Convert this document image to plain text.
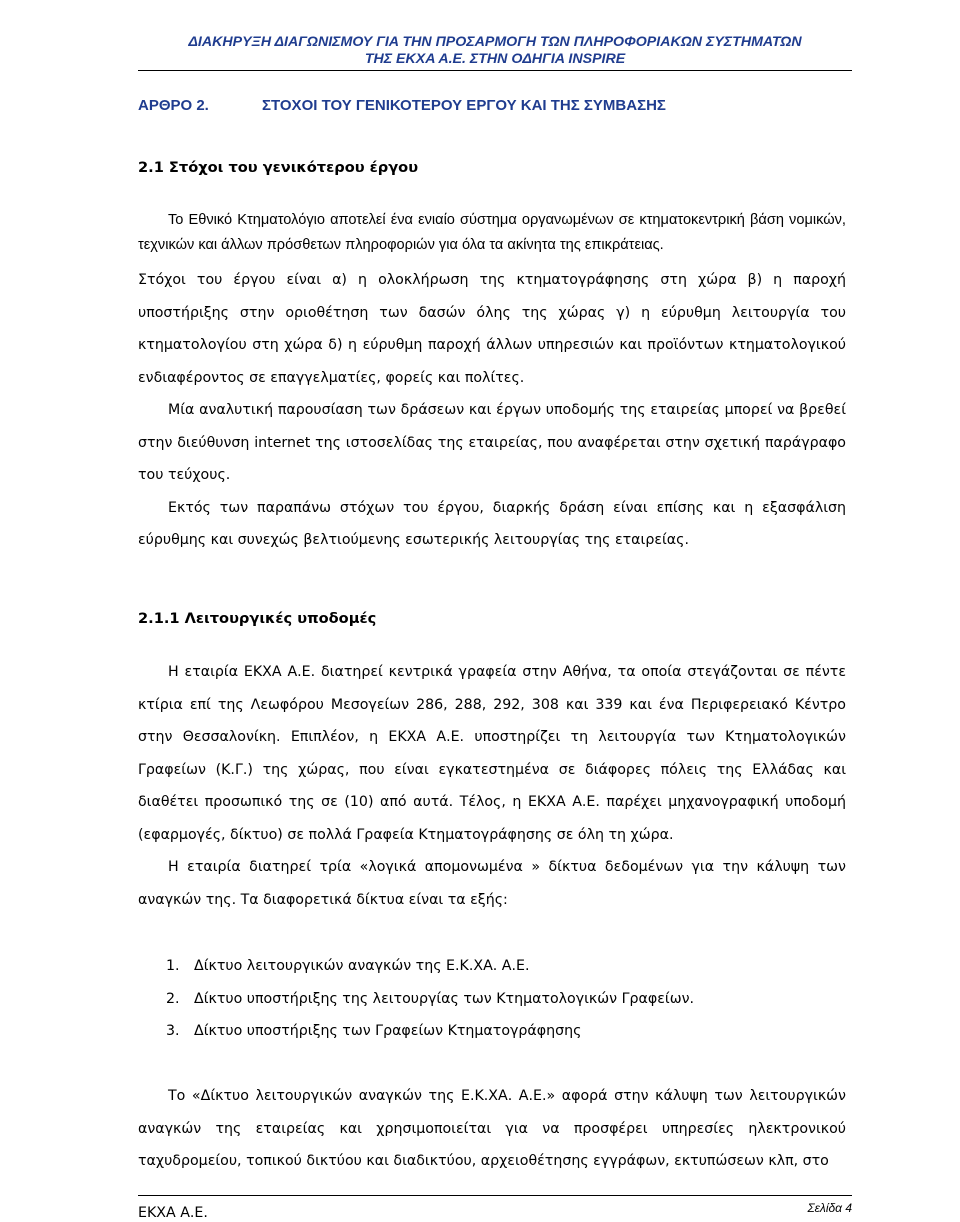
ΔΙΑΚΗΡΥΞΗ ΔΙΑΓΩΝΙΣΜΟΥ ΓΙΑ ΤΗΝ ΠΡΟΣΑΡΜΟΓΗ ΤΩΝ ΠΛΗΡΟΦΟΡΙΑΚΩΝ ΣΥΣΤΗΜΑΤΩΝ
ΤΗΣ ΕΚΧΑ Α.Ε. ΣΤΗΝ ΟΔΗΓΙΑ INSPIRE
ΑΡΘΡΟ 2.	ΣΤΟΧΟΙ ΤΟΥ ΓΕΝΙΚΟΤΕΡΟΥ ΕΡΓΟΥ ΚΑΙ ΤΗΣ ΣΥΜΒΑΣΗΣ
2.1 Στόχοι του γενικότερου έργου

Το Εθνικό Κτηματολόγιο αποτελεί ένα ενιαίο σύστημα οργανωμένων σε κτηματοκεντρική βάση νομικών, τεχνικών και άλλων πρόσθετων πληροφοριών για όλα τα ακίνητα της επικράτειας.

Στόχοι του έργου είναι α) η ολοκλήρωση της κτηματογράφησης στη χώρα β) η παροχή υποστήριξης στην οριοθέτηση των δασών όλης της χώρας γ) η εύρυθμη λειτουργία του κτηματολογίου στη χώρα δ) η εύρυθμη παροχή άλλων υπηρεσιών και προϊόντων κτηματολογικού ενδιαφέροντος σε επαγγελματίες, φορείς και πολίτες.

Μία αναλυτική παρουσίαση των δράσεων και έργων υποδομής της εταιρείας μπορεί να βρεθεί στην διεύθυνση internet της ιστοσελίδας της εταιρείας, που αναφέρεται στην σχετική παράγραφο του τεύχους.

Εκτός των παραπάνω στόχων του έργου, διαρκής δράση είναι επίσης και η εξασφάλιση εύρυθμης και συνεχώς βελτιούμενης εσωτερικής λειτουργίας της εταιρείας.

2.1.1 Λειτουργικές υποδομές

Η εταιρία ΕΚΧΑ Α.Ε. διατηρεί κεντρικά γραφεία στην Αθήνα, τα οποία στεγάζονται σε πέντε κτίρια επί της Λεωφόρου Μεσογείων 286, 288, 292, 308 και 339 και ένα Περιφερειακό Κέντρο στην Θεσσαλονίκη. Επιπλέον, η ΕΚΧΑ Α.Ε. υποστηρίζει τη λειτουργία των Κτηματολογικών Γραφείων (Κ.Γ.) της χώρας, που είναι εγκατεστημένα σε διάφορες πόλεις της Ελλάδας και διαθέτει προσωπικό της σε (10) από αυτά. Τέλος, η ΕΚΧΑ Α.Ε. παρέχει μηχανογραφική υποδομή (εφαρμογές, δίκτυο) σε πολλά Γραφεία Κτηματογράφησης σε όλη τη χώρα.

Η εταιρία διατηρεί τρία «λογικά απομονωμένα » δίκτυα δεδομένων για την κάλυψη των αναγκών της. Τα διαφορετικά δίκτυα είναι τα εξής:

1. Δίκτυο λειτουργικών αναγκών της Ε.Κ.ΧΑ. Α.Ε.
2. Δίκτυο υποστήριξης της λειτουργίας των Κτηματολογικών Γραφείων.
3. Δίκτυο υποστήριξης των Γραφείων Κτηματογράφησης

Το «Δίκτυο λειτουργικών αναγκών της Ε.Κ.ΧΑ. Α.Ε.» αφορά στην κάλυψη των λειτουργικών αναγκών της εταιρείας και χρησιμοποιείται για να προσφέρει υπηρεσίες ηλεκτρονικού ταχυδρομείου, τοπικού δικτύου και διαδικτύου, αρχειοθέτησης εγγράφων, εκτυπώσεων κλπ, στο

ΕΚΧΑ Α.Ε.	Σελίδα 4
